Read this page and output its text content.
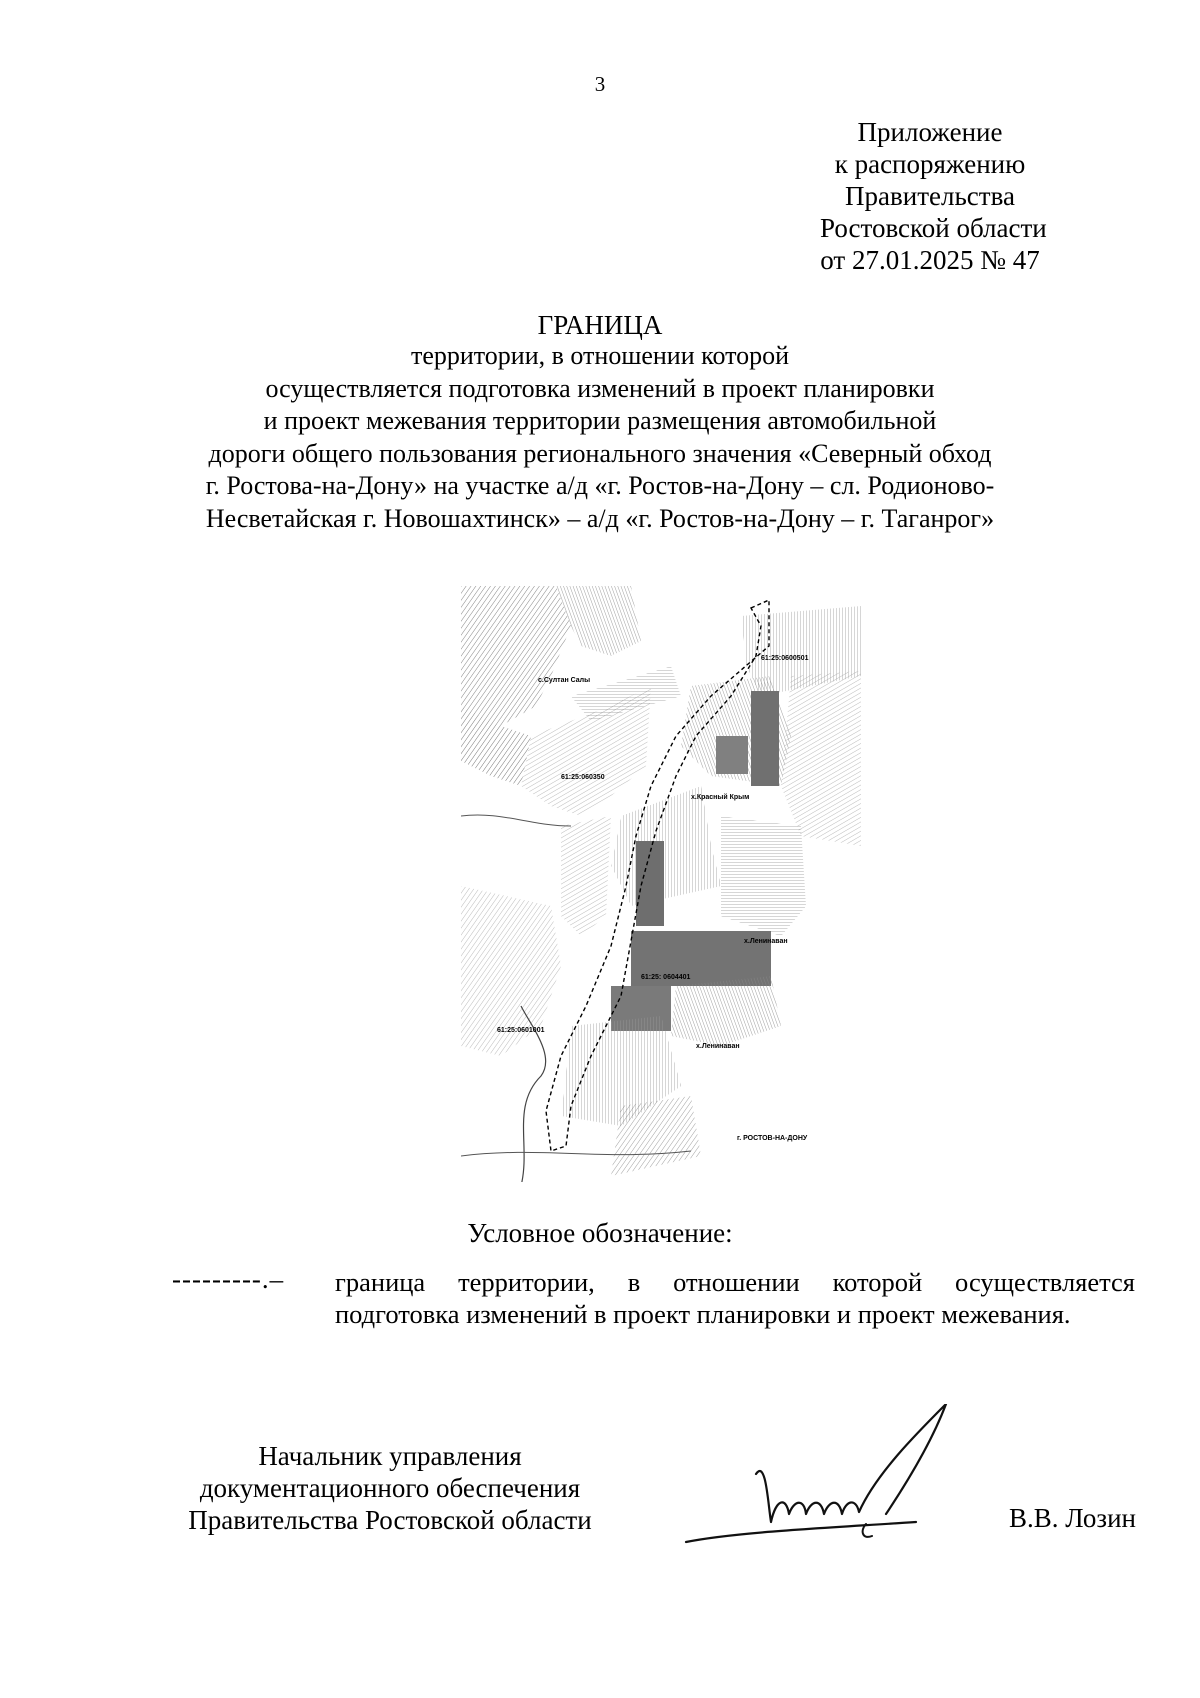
3
Приложение
к распоряжению
Правительства
Ростовской области
от 27.01.2025 № 47
ГРАНИЦА
территории, в отношении которой
осуществляется подготовка изменений в проект планировки
и проект межевания территории размещения автомобильной
дороги общего пользования регионального значения «Северный обход
г. Ростова-на-Дону» на участке а/д «г. Ростов-на-Дону – сл. Родионово-
Несветайская г. Новошахтинск» – а/д «г. Ростов-на-Дону – г. Таганрог»
с.Султан Салы
61:25:0600501
61:25:060350
х.Красный Крым
х.Ленинаван
61:25: 0604401
61:25:0601001
х.Ленинаван
г. РОСТОВ-НА-ДОНУ
Условное обозначение:
---------.– граница территории, в отношении которой осуществляется
подготовка изменений в проект планировки и проект межевания.
Начальник управления
документационного обеспечения
Правительства Ростовской области	В.В. Лозин
